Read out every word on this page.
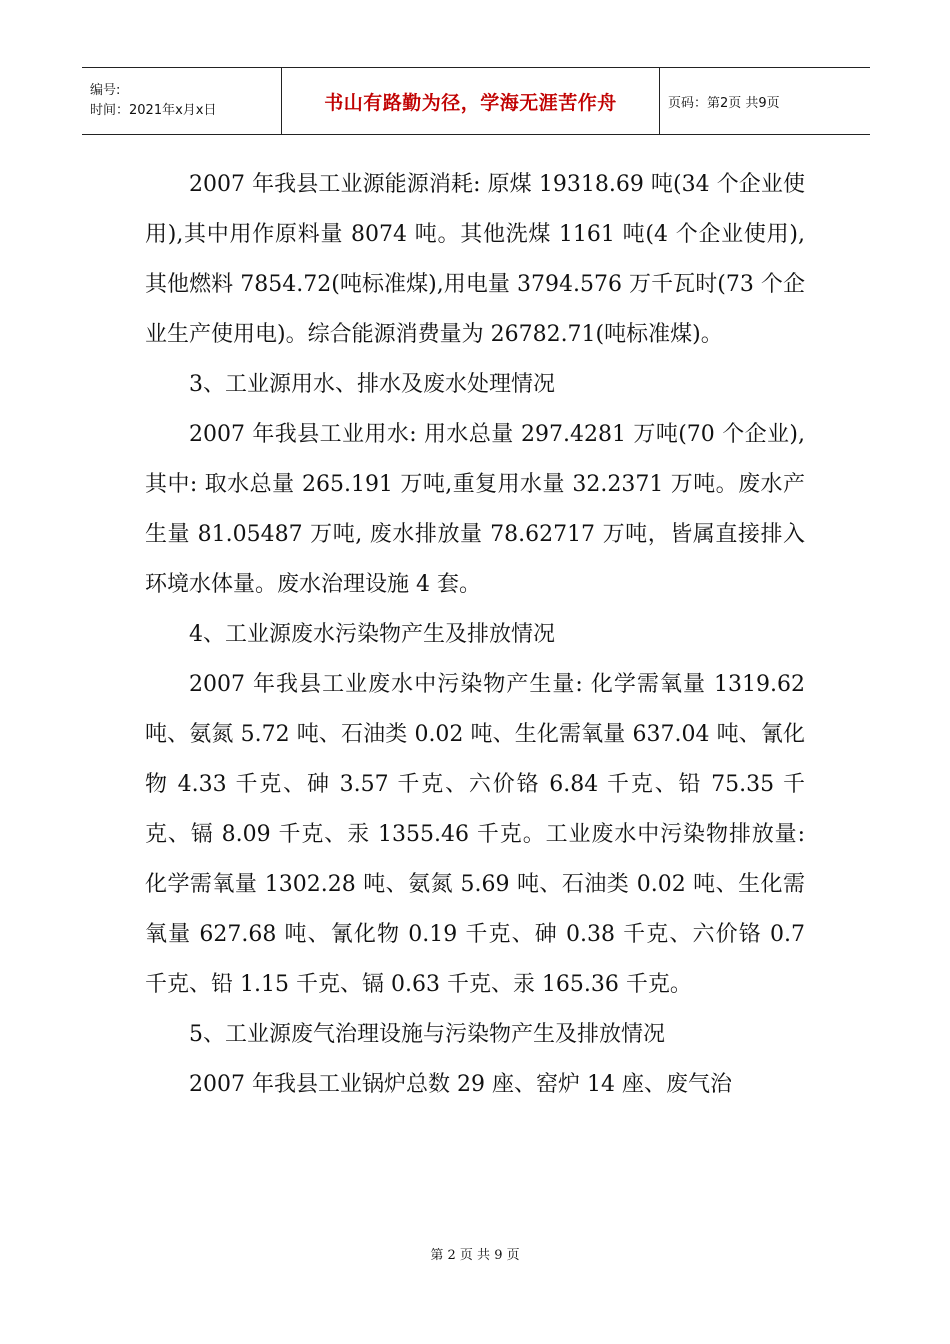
编号:
时间：2021年x月x日	书山有路勤为径，学海无涯苦作舟	页码：第2页 共9页

2007 年我县工业源能源消耗: 原煤 19318.69 吨(34 个企业使用),其中用作原料量 8074 吨。其他洗煤 1161 吨(4 个企业使用),其他燃料 7854.72(吨标准煤),用电量 3794.576 万千瓦时(73 个企业生产使用电)。综合能源消费量为 26782.71(吨标准煤)。

3、工业源用水、排水及废水处理情况

2007 年我县工业用水: 用水总量 297.4281 万吨(70 个企业),其中: 取水总量 265.191 万吨,重复用水量 32.2371 万吨。废水产生量 81.05487 万吨, 废水排放量 78.62717 万吨，皆属直接排入环境水体量。废水治理设施 4 套。

4、工业源废水污染物产生及排放情况

2007 年我县工业废水中污染物产生量: 化学需氧量 1319.62 吨、氨氮 5.72 吨、石油类 0.02 吨、生化需氧量 637.04 吨、氰化物 4.33 千克、砷 3.57 千克、六价铬 6.84 千克、铅 75.35 千克、镉 8.09 千克、汞 1355.46 千克。工业废水中污染物排放量: 化学需氧量 1302.28 吨、氨氮 5.69 吨、石油类 0.02 吨、生化需氧量 627.68 吨、氰化物 0.19 千克、砷 0.38 千克、六价铬 0.7 千克、铅 1.15 千克、镉 0.63 千克、汞 165.36 千克。

5、工业源废气治理设施与污染物产生及排放情况

2007 年我县工业锅炉总数 29 座、窑炉 14 座、废气治

第 2 页 共 9 页
